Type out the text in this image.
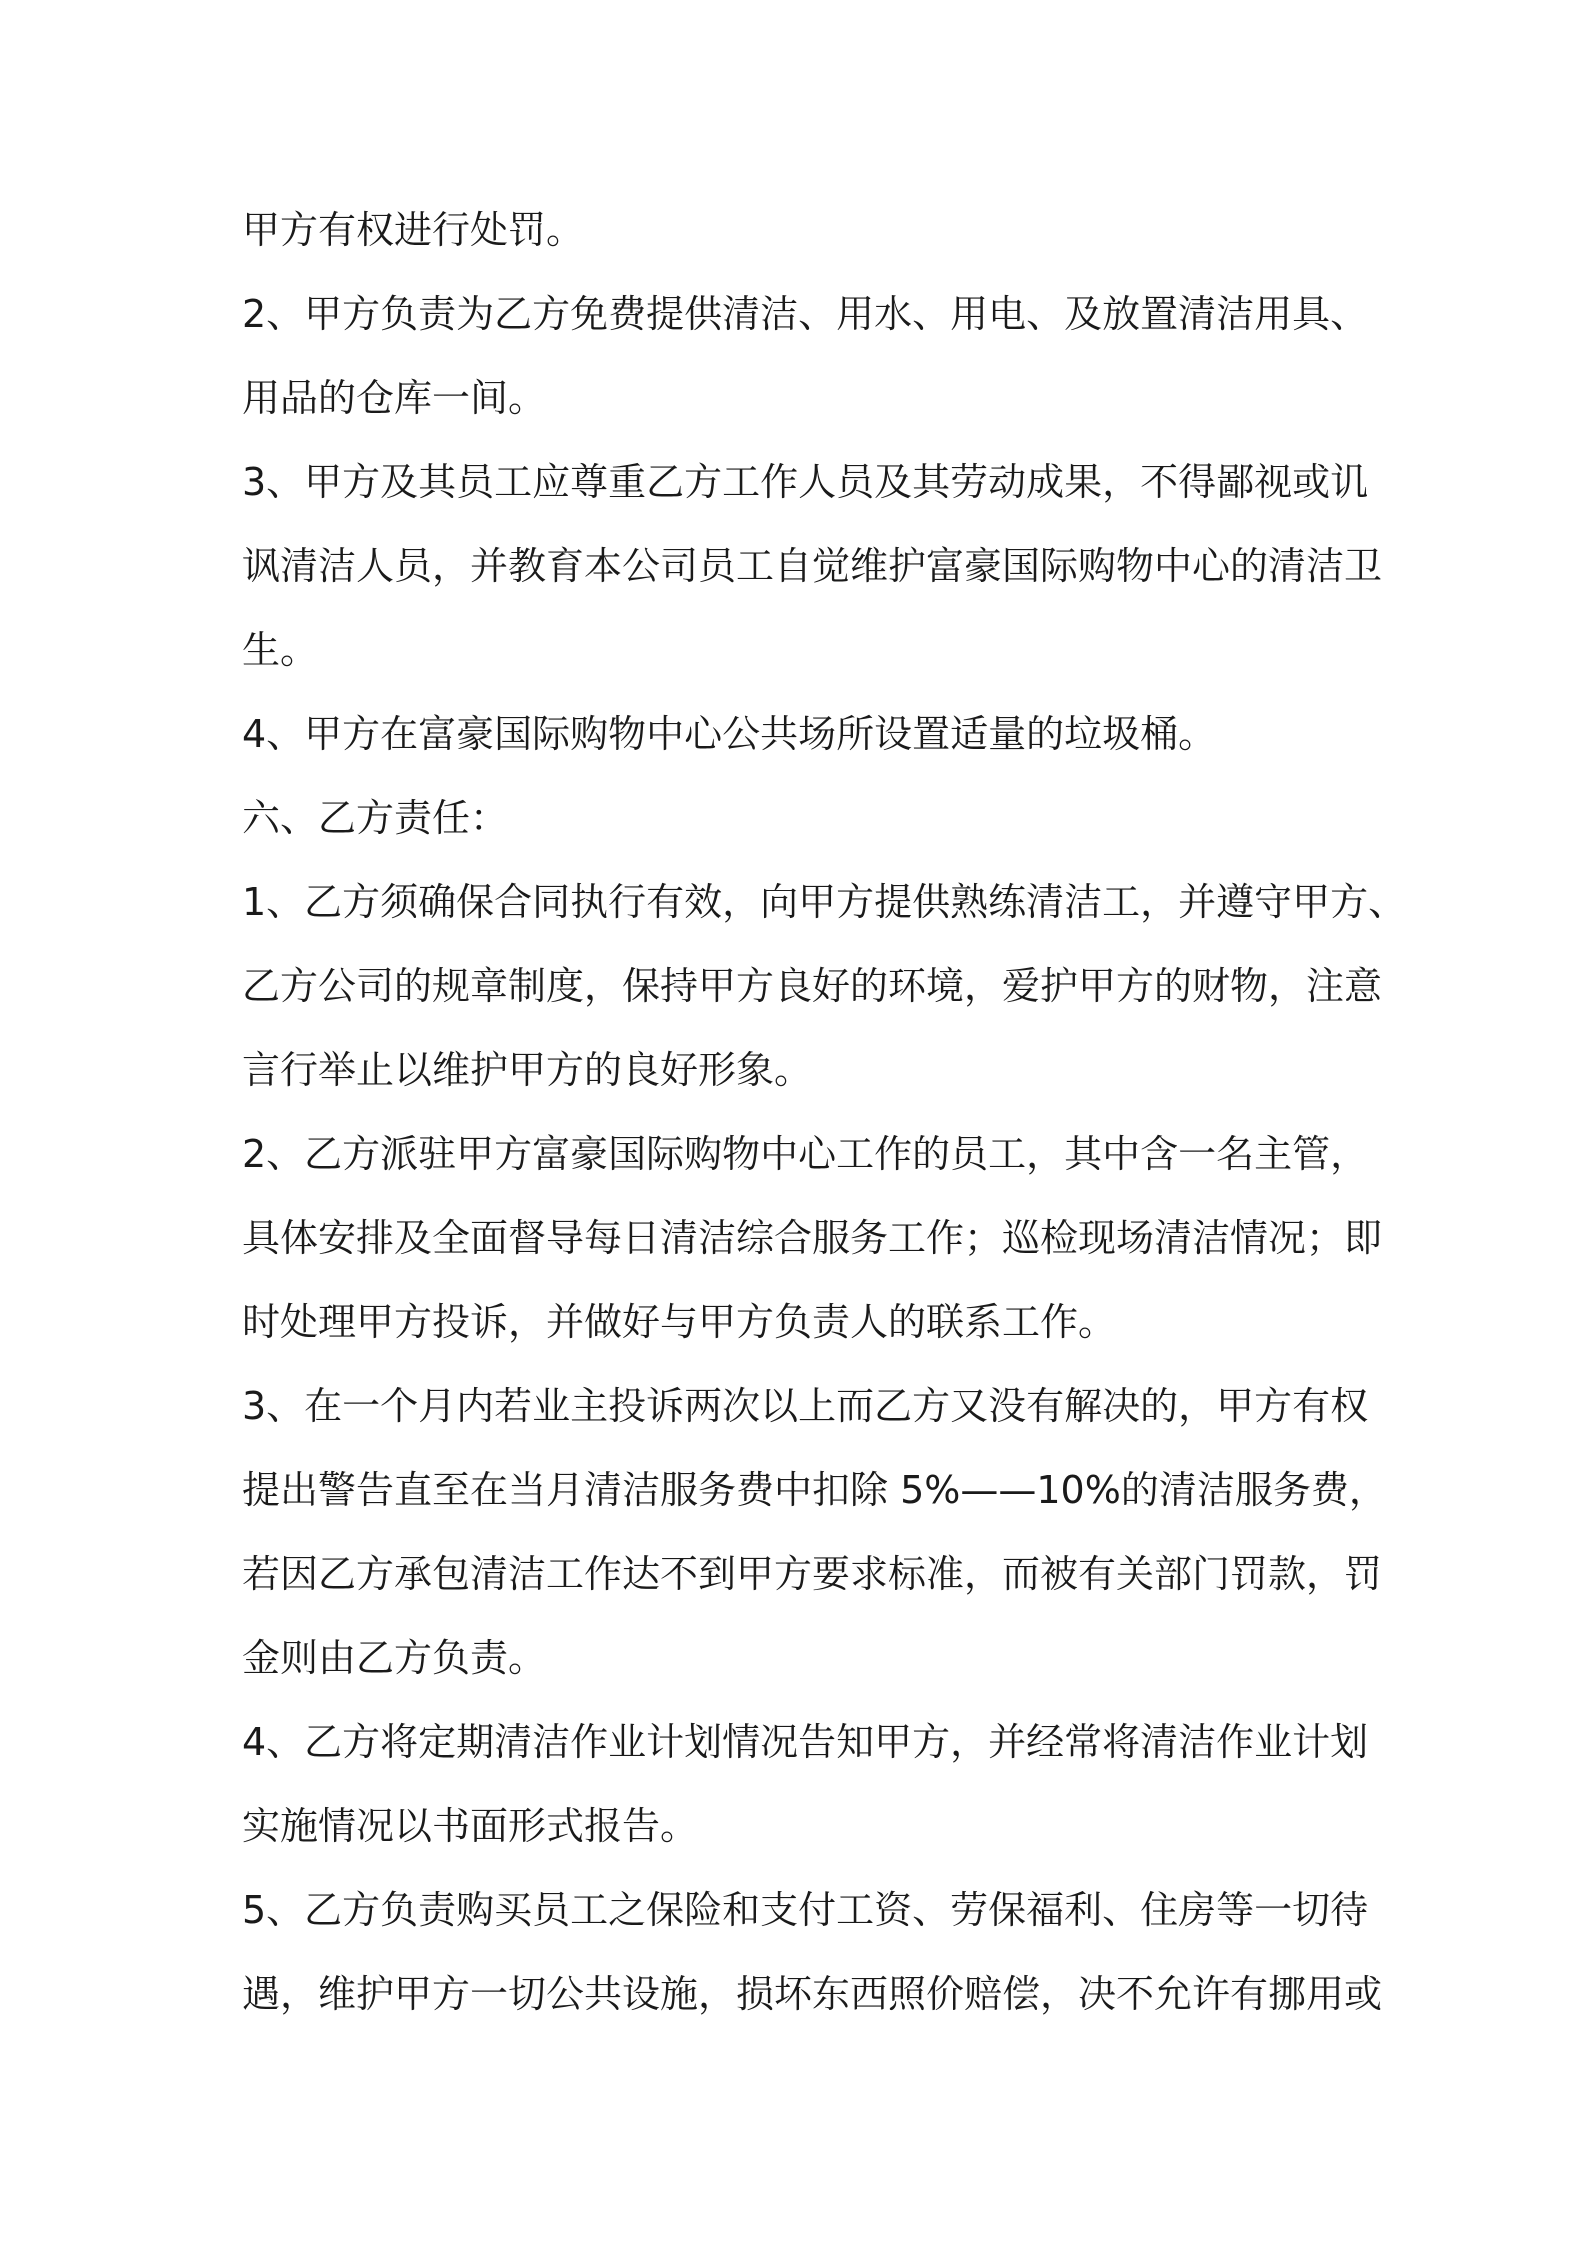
甲方有权进行处罚。
2、甲方负责为乙方免费提供清洁、用水、用电、及放置清洁用具、
用品的仓库一间。
3、甲方及其员工应尊重乙方工作人员及其劳动成果，不得鄙视或讥
讽清洁人员，并教育本公司员工自觉维护富豪国际购物中心的清洁卫
生。
4、甲方在富豪国际购物中心公共场所设置适量的垃圾桶。
六、乙方责任：
1、乙方须确保合同执行有效，向甲方提供熟练清洁工，并遵守甲方、
乙方公司的规章制度，保持甲方良好的环境，爱护甲方的财物，注意
言行举止以维护甲方的良好形象。
2、乙方派驻甲方富豪国际购物中心工作的员工，其中含一名主管，
具体安排及全面督导每日清洁综合服务工作；巡检现场清洁情况；即
时处理甲方投诉，并做好与甲方负责人的联系工作。
3、在一个月内若业主投诉两次以上而乙方又没有解决的，甲方有权
提出警告直至在当月清洁服务费中扣除 5%——10%的清洁服务费，
若因乙方承包清洁工作达不到甲方要求标准，而被有关部门罚款，罚
金则由乙方负责。
4、乙方将定期清洁作业计划情况告知甲方，并经常将清洁作业计划
实施情况以书面形式报告。
5、乙方负责购买员工之保险和支付工资、劳保福利、住房等一切待
遇，维护甲方一切公共设施，损坏东西照价赔偿，决不允许有挪用或
